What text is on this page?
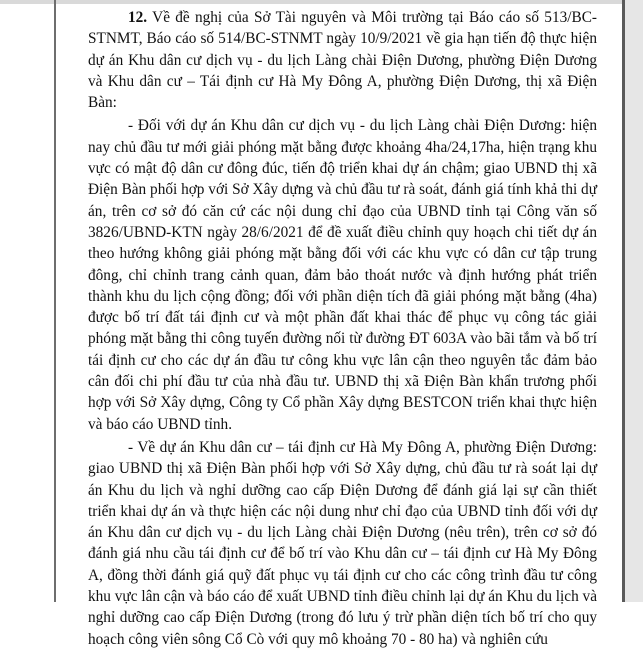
12. Về đề nghị của Sở Tài nguyên và Môi trường tại Báo cáo số 513/BC-STNMT, Báo cáo số 514/BC-STNMT ngày 10/9/2021 về gia hạn tiến độ thực hiện dự án Khu dân cư dịch vụ - du lịch Làng chài Điện Dương, phường Điện Dương và Khu dân cư – Tái định cư Hà My Đông A, phường Điện Dương, thị xã Điện Bàn:

- Đối với dự án Khu dân cư dịch vụ - du lịch Làng chài Điện Dương: hiện nay chủ đầu tư mới giải phóng mặt bằng được khoảng 4ha/24,17ha, hiện trạng khu vực có mật độ dân cư đông đúc, tiến độ triển khai dự án chậm; giao UBND thị xã Điện Bàn phối hợp với Sở Xây dựng và chủ đầu tư rà soát, đánh giá tính khả thi dự án, trên cơ sở đó căn cứ các nội dung chỉ đạo của UBND tỉnh tại Công văn số 3826/UBND-KTN ngày 28/6/2021 để đề xuất điều chỉnh quy hoạch chi tiết dự án theo hướng không giải phóng mặt bằng đối với các khu vực có dân cư tập trung đông, chỉ chỉnh trang cảnh quan, đảm bảo thoát nước và định hướng phát triển thành khu du lịch cộng đồng; đối với phần diện tích đã giải phóng mặt bằng (4ha) được bố trí đất tái định cư và một phần đất khai thác để phục vụ công tác giải phóng mặt bằng thi công tuyến đường nối từ đường ĐT 603A vào bãi tắm và bố trí tái định cư cho các dự án đầu tư công khu vực lân cận theo nguyên tắc đảm bảo cân đối chi phí đầu tư của nhà đầu tư. UBND thị xã Điện Bàn khẩn trương phối hợp với Sở Xây dựng, Công ty Cổ phần Xây dựng BESTCON triển khai thực hiện và báo cáo UBND tỉnh.

- Về dự án Khu dân cư – tái định cư Hà My Đông A, phường Điện Dương: giao UBND thị xã Điện Bàn phối hợp với Sở Xây dựng, chủ đầu tư rà soát lại dự án Khu du lịch và nghỉ dưỡng cao cấp Điện Dương để đánh giá lại sự cần thiết triển khai dự án và thực hiện các nội dung như chỉ đạo của UBND tỉnh đối với dự án Khu dân cư dịch vụ - du lịch Làng chài Điện Dương (nêu trên), trên cơ sở đó đánh giá nhu cầu tái định cư để bố trí vào Khu dân cư – tái định cư Hà My Đông A, đồng thời đánh giá quỹ đất phục vụ tái định cư cho các công trình đầu tư công khu vực lân cận và báo cáo để xuất UBND tỉnh điều chỉnh lại dự án Khu du lịch và nghỉ dưỡng cao cấp Điện Dương (trong đó lưu ý trừ phần diện tích bố trí cho quy hoạch công viên sông Cổ Cò với quy mô khoảng 70 - 80 ha) và nghiên cứu
